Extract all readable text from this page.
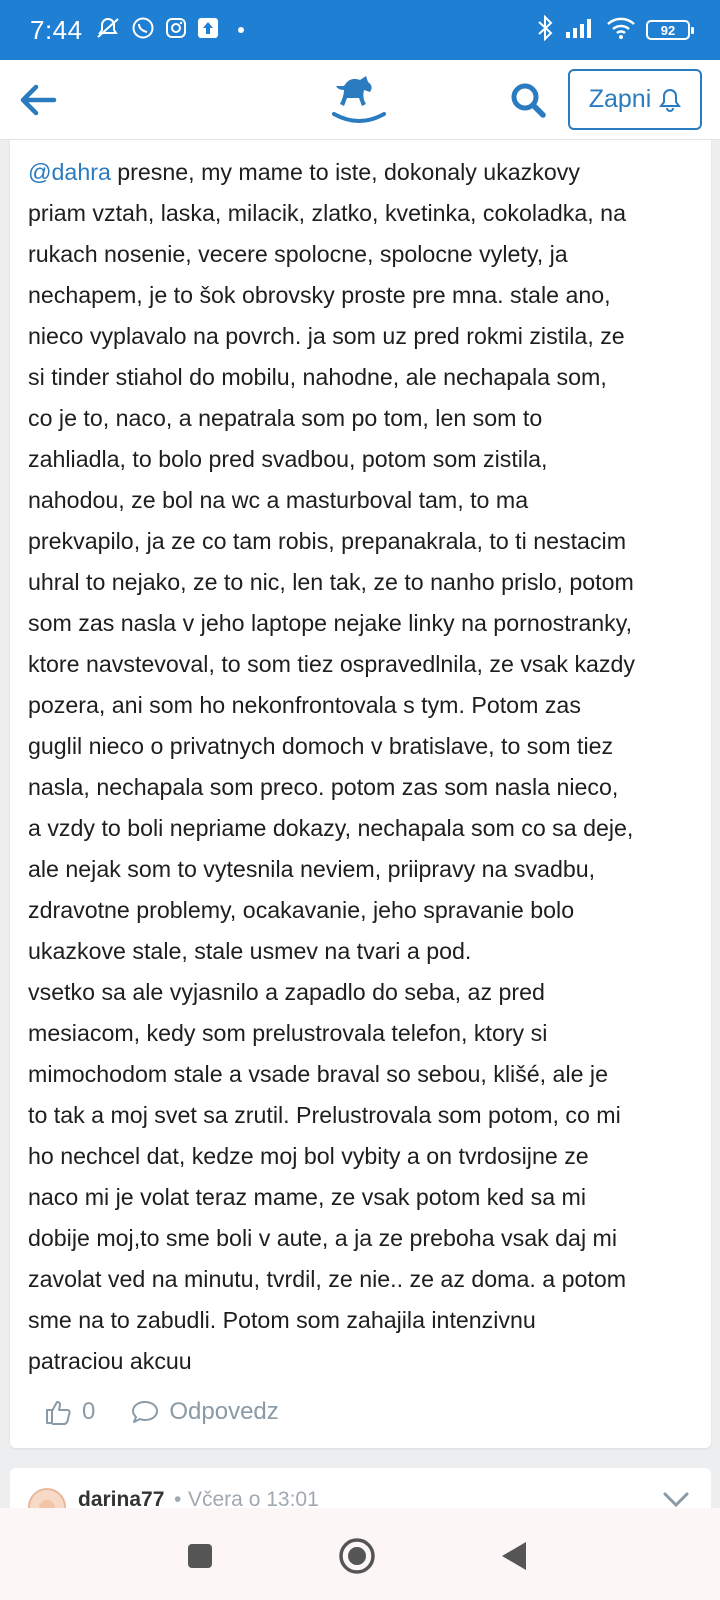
7:44	92
Zapni
@dahra presne, my mame to iste, dokonaly ukazkovy
priam vztah, laska, milacik, zlatko, kvetinka, cokoladka, na
rukach nosenie, vecere spolocne, spolocne vylety, ja
nechapem, je to šok obrovsky proste pre mna. stale ano,
nieco vyplavalo na povrch. ja som uz pred rokmi zistila, ze
si tinder stiahol do mobilu, nahodne, ale nechapala som,
co je to, naco, a nepatrala som po tom, len som to
zahliadla, to bolo pred svadbou, potom som zistila,
nahodou, ze bol na wc a masturboval tam, to ma
prekvapilo, ja ze co tam robis, prepanakrala, to ti nestacim
uhral to nejako, ze to nic, len tak, ze to nanho prislo, potom
som zas nasla v jeho laptope nejake linky na pornostranky,
ktore navstevoval, to som tiez ospravedlnila, ze vsak kazdy
pozera, ani som ho nekonfrontovala s tym. Potom zas
guglil nieco o privatnych domoch v bratislave, to som tiez
nasla, nechapala som preco. potom zas som nasla nieco,
a vzdy to boli nepriame dokazy, nechapala som co sa deje,
ale nejak som to vytesnila neviem, priipravy na svadbu,
zdravotne problemy, ocakavanie, jeho spravanie bolo
ukazkove stale, stale usmev na tvari a pod.
vsetko sa ale vyjasnilo a zapadlo do seba, az pred
mesiacom, kedy som prelustrovala telefon, ktory si
mimochodom stale a vsade braval so sebou, klišé, ale je
to tak a moj svet sa zrutil. Prelustrovala som potom, co mi
ho nechcel dat, kedze moj bol vybity a on tvrdosijne ze
naco mi je volat teraz mame, ze vsak potom ked sa mi
dobije moj,to sme boli v aute, a ja ze preboha vsak daj mi
zavolat ved na minutu, tvrdil, ze nie.. ze az doma. a potom
sme na to zabudli. Potom som zahajila intenzivnu
patraciou akcuu
0	Odpovedz
darina77 • Včera o 13:01
